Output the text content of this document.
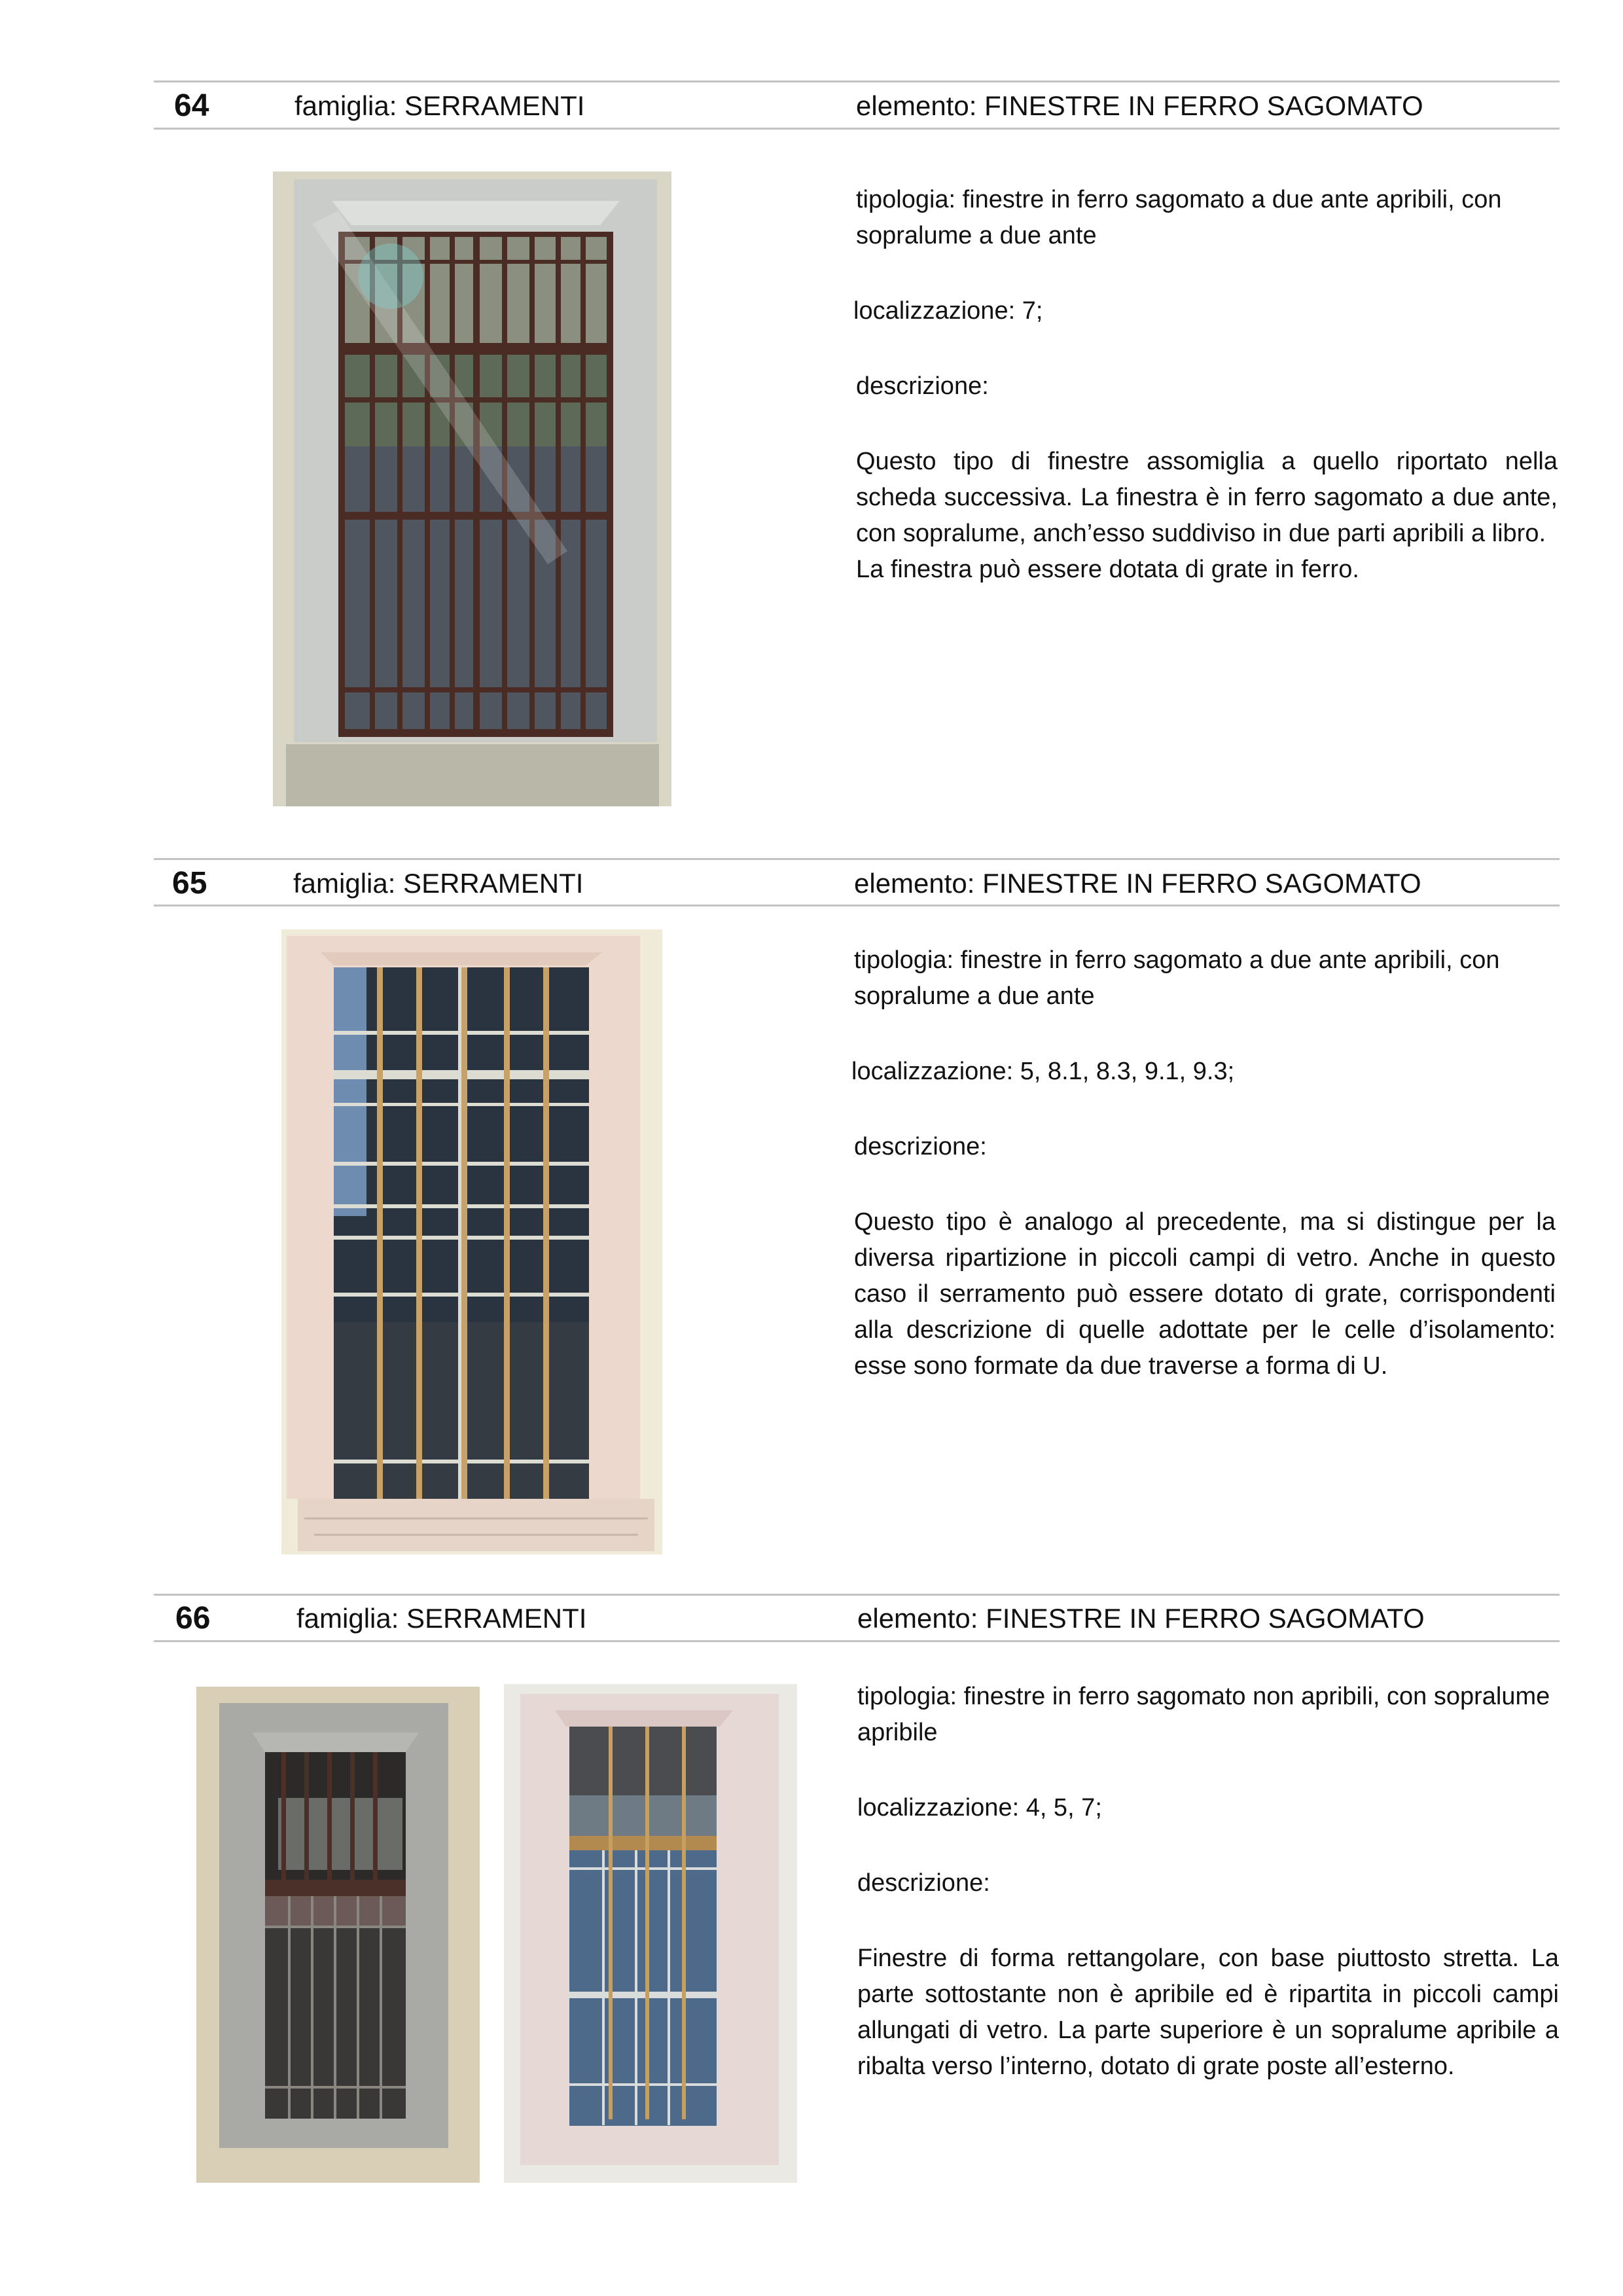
64	famiglia: SERRAMENTI	elemento: FINESTRE IN FERRO SAGOMATO

tipologia: finestre in ferro sagomato a due ante apribili, con sopralume a due ante

localizzazione: 7;

descrizione:

Questo tipo di finestre assomiglia a quello riportato nella scheda successiva. La finestra è in ferro sagomato a due ante, con sopralume, anch’esso suddiviso in due parti apribili a libro.

La finestra può essere dotata di grate in ferro.

65	famiglia: SERRAMENTI	elemento: FINESTRE IN FERRO SAGOMATO

tipologia: finestre in ferro sagomato a due ante apribili, con sopralume a due ante

localizzazione: 5, 8.1, 8.3, 9.1, 9.3;

descrizione:

Questo tipo è analogo al precedente, ma si distingue per la diversa ripartizione in piccoli campi di vetro. Anche in questo caso il serramento può essere dotato di grate, corrispondenti alla descrizione di quelle adottate per le celle d’isolamento: esse sono formate da due traverse a forma di U.

66	famiglia: SERRAMENTI	elemento: FINESTRE IN FERRO SAGOMATO

tipologia: finestre in ferro sagomato non apribili, con sopralume apribile

localizzazione: 4, 5, 7;

descrizione:

Finestre di forma rettangolare, con base piuttosto stretta. La parte sottostante non è apribile ed è ripartita in piccoli campi allungati di vetro. La parte superiore è un sopralume apribile a ribalta verso l’interno, dotato di grate poste all’esterno.
